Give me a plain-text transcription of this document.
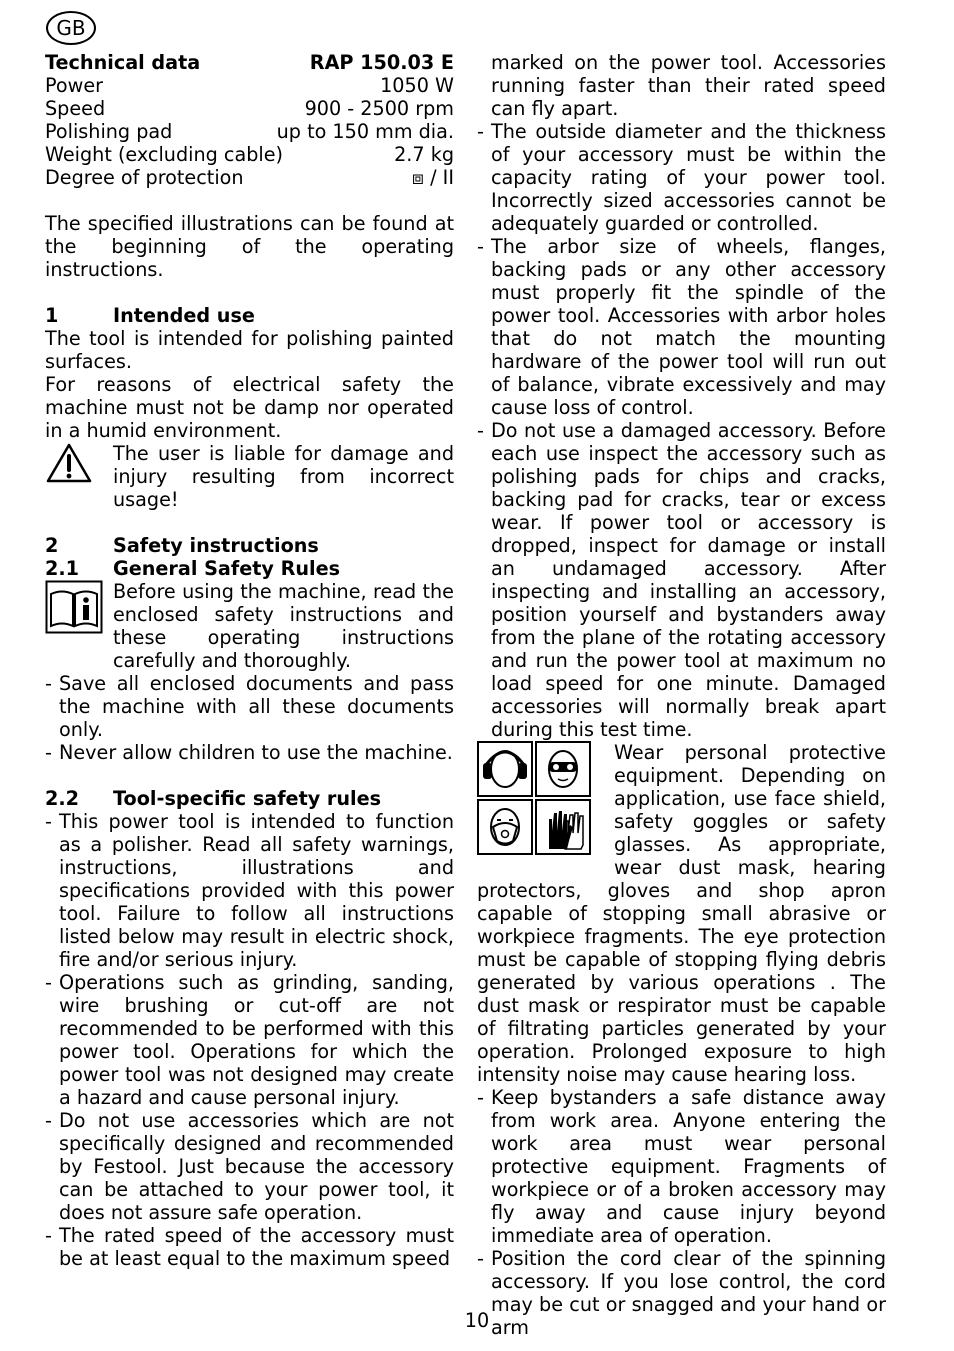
GB
Technical data	RAP 150.03 E
Power	1050 W
Speed	900 - 2500 rpm
Polishing pad	up to 150 mm dia.
Weight (excluding cable)	2.7 kg
Degree of protection	⧈ / II
The specified illustrations can be found at the beginning of the operating instructions.
1	Intended use
The tool is intended for polishing painted surfaces.
For reasons of electrical safety the machine must not be damp nor operated in a humid environment.
The user is liable for damage and injury resulting from incorrect usage!
2	Safety instructions
2.1	General Safety Rules
Before using the machine, read the enclosed safety instructions and these operating instructions carefully and thoroughly.
- Save all enclosed documents and pass the machine with all these documents only.
- Never allow children to use the machine.
2.2	Tool-specific safety rules
- This power tool is intended to function as a polisher. Read all safety warnings, instructions, illustrations and specifications provided with this power tool. Failure to follow all instructions listed below may result in electric shock, fire and/or serious injury.
- Operations such as grinding, sanding, wire brushing or cut-off are not recommended to be performed with this power tool. Operations for which the power tool was not designed may create a hazard and cause personal injury.
- Do not use accessories which are not specifically designed and recommended by Festool. Just because the accessory can be attached to your power tool, it does not assure safe operation.
- The rated speed of the accessory must be at least equal to the maximum speed
marked on the power tool. Accessories running faster than their rated speed can fly apart.
- The outside diameter and the thickness of your accessory must be within the capacity rating of your power tool. Incorrectly sized accessories cannot be adequately guarded or controlled.
- The arbor size of wheels, flanges, backing pads or any other accessory must properly fit the spindle of the power tool. Accessories with arbor holes that do not match the mounting hardware of the power tool will run out of balance, vibrate excessively and may cause loss of control.
- Do not use a damaged accessory. Before each use inspect the accessory such as polishing pads for chips and cracks, backing pad for cracks, tear or excess wear. If power tool or accessory is dropped, inspect for damage or install an undamaged accessory. After inspecting and installing an accessory, position yourself and bystanders away from the plane of the rotating accessory and run the power tool at maximum no load speed for one minute. Damaged accessories will normally break apart during this test time.
Wear personal protective equipment. Depending on application, use face shield, safety goggles or safety glasses. As appropriate, wear dust mask, hearing protectors, gloves and shop apron capable of stopping small abrasive or workpiece fragments. The eye protection must be capable of stopping flying debris generated by various operations . The dust mask or respirator must be capable of filtrating particles generated by your operation. Prolonged exposure to high intensity noise may cause hearing loss.
- Keep bystanders a safe distance away from work area. Anyone entering the work area must wear personal protective equipment. Fragments of workpiece or of a broken accessory may fly away and cause injury beyond immediate area of operation.
- Position the cord clear of the spinning accessory. If you lose control, the cord may be cut or snagged and your hand or arm
10
